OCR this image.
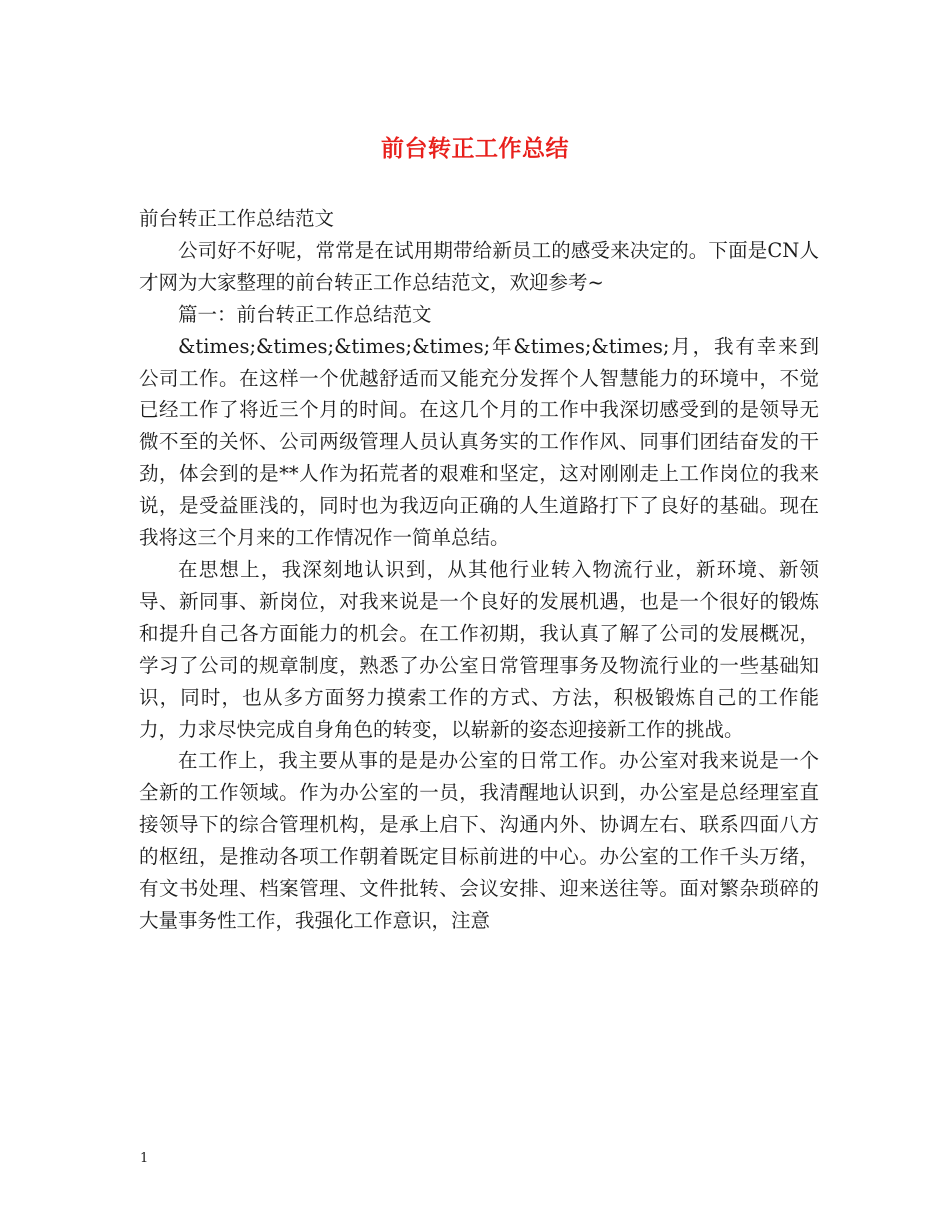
前台转正工作总结

前台转正工作总结范文

公司好不好呢，常常是在试用期带给新员工的感受来决定的。下面是CN人才网为大家整理的前台转正工作总结范文，欢迎参考~

篇一：前台转正工作总结范文

&times;&times;&times;&times;年&times;&times;月，我有幸来到公司工作。在这样一个优越舒适而又能充分发挥个人智慧能力的环境中，不觉已经工作了将近三个月的时间。在这几个月的工作中我深切感受到的是领导无微不至的关怀、公司两级管理人员认真务实的工作作风、同事们团结奋发的干劲，体会到的是**人作为拓荒者的艰难和坚定，这对刚刚走上工作岗位的我来说，是受益匪浅的，同时也为我迈向正确的人生道路打下了良好的基础。现在我将这三个月来的工作情况作一简单总结。

在思想上，我深刻地认识到，从其他行业转入物流行业，新环境、新领导、新同事、新岗位，对我来说是一个良好的发展机遇，也是一个很好的锻炼和提升自己各方面能力的机会。在工作初期，我认真了解了公司的发展概况，学习了公司的规章制度，熟悉了办公室日常管理事务及物流行业的一些基础知识，同时，也从多方面努力摸索工作的方式、方法，积极锻炼自己的工作能力，力求尽快完成自身角色的转变，以崭新的姿态迎接新工作的挑战。

在工作上，我主要从事的是是办公室的日常工作。办公室对我来说是一个全新的工作领域。作为办公室的一员，我清醒地认识到，办公室是总经理室直接领导下的综合管理机构，是承上启下、沟通内外、协调左右、联系四面八方的枢纽，是推动各项工作朝着既定目标前进的中心。办公室的工作千头万绪，有文书处理、档案管理、文件批转、会议安排、迎来送往等。面对繁杂琐碎的大量事务性工作，我强化工作意识，注意

1
